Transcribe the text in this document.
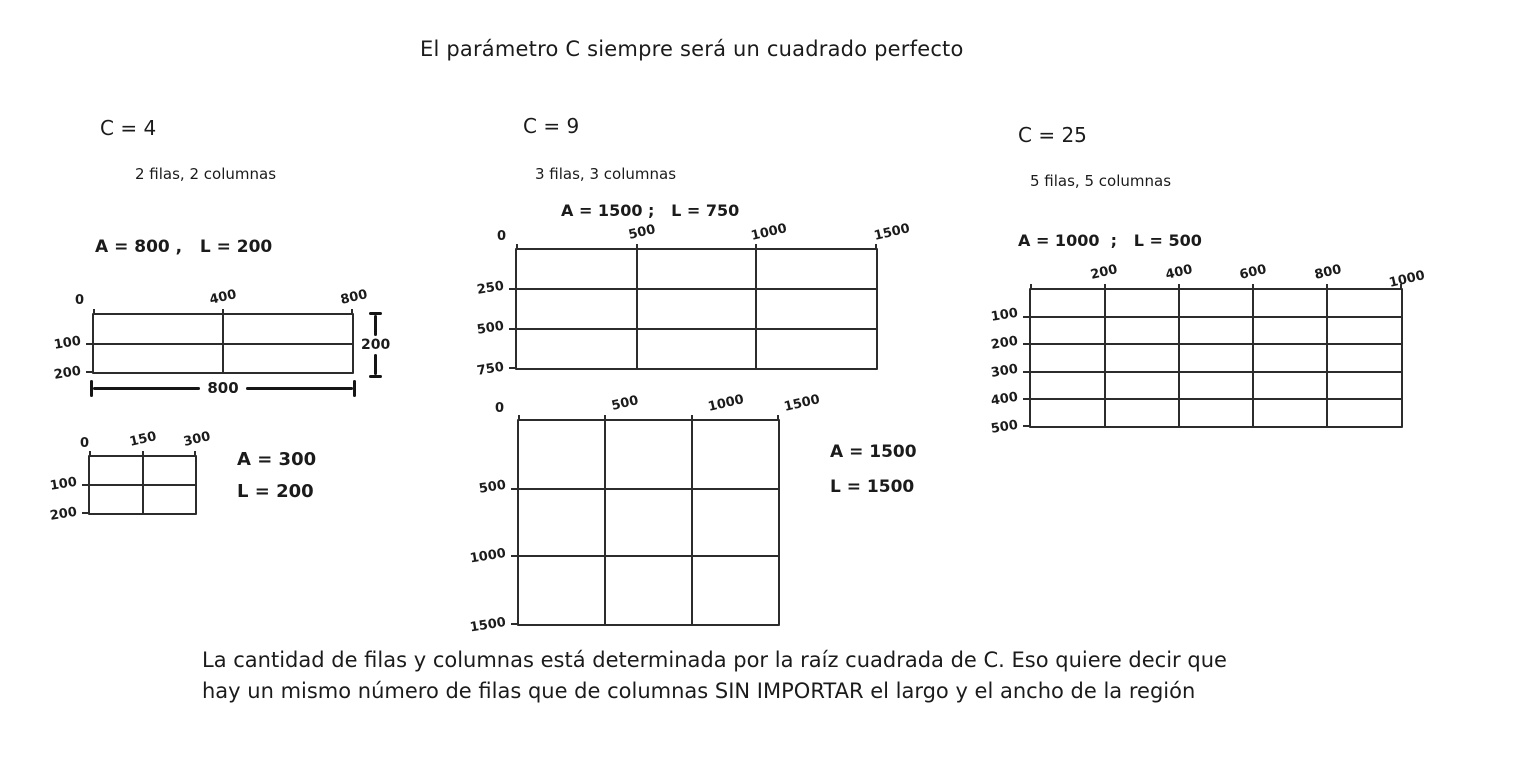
El parámetro C siempre será un cuadrado perfecto
C = 4
2 filas, 2 columnas
A = 800 ,   L = 200
0	400	800
100
200
200
800
0	150 300
100
200
A = 300
L = 200
C = 9
3 filas, 3 columnas
A = 1500 ;   L = 750
0	500	1000	1500
250
500
750
0	500	1000	1500
500
1000
1500
A = 1500
L = 1500
C = 25
5 filas, 5 columnas
A = 1000  ;   L = 500
200	400	600	800	1000
100
200
300
400
500
La cantidad de filas y columnas está determinada por la raíz cuadrada de C. Eso quiere decir que
hay un mismo número de filas que de columnas SIN IMPORTAR el largo y el ancho de la región
